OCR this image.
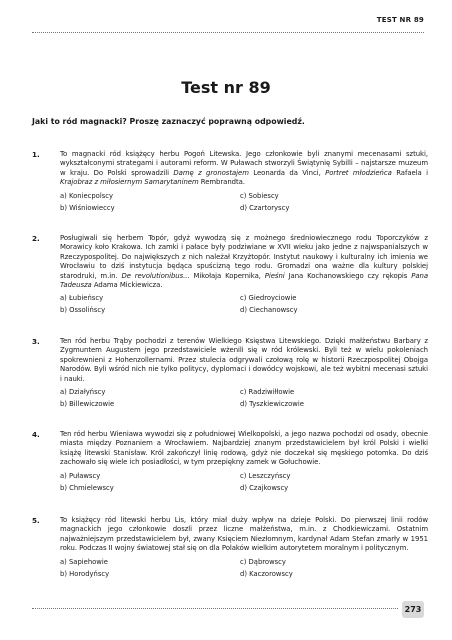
TEST NR 89
Test nr 89
Jaki to ród magnacki? Proszę zaznaczyć poprawną odpowiedź.
1.	To magnacki ród książęcy herbu Pogoń Litewska. Jego członkowie byli znanymi mecenasami sztuki, wykształconymi strategami i autorami reform. W Puławach stworzyli Świątynię Sybilli – najstarsze muzeum w kraju. Do Polski sprowadzili Damę z gronostajem Leonarda da Vinci, Portret młodzieńca Rafaela i Krajobraz z miłosiernym Samarytaninem Rembrandta.

a) Koniecpolscy	c) Sobiescy
b) Wiśniowieccy	d) Czartoryscy
2.	Posługiwali się herbem Topór, gdyż wywodzą się z możnego średniowiecznego rodu Toporczyków z Morawicy koło Krakowa. Ich zamki i pałace były podziwiane w XVII wieku jako jedne z najwspanialszych w Rzeczypospolitej. Do największych z nich należał Krzyżtopór. Instytut naukowy i kulturalny ich imienia we Wrocławiu to dziś instytucja będąca spuścizną tego rodu. Gromadzi ona ważne dla kultury polskiej starodruki, m.in. De revolutionibus... Mikołaja Kopernika, Pieśni Jana Kochanowskiego czy rękopis Pana Tadeusza Adama Mickiewicza.

a) Łubieńscy	c) Giedroyciowie
b) Ossolińscy	d) Ciechanowscy
3.	Ten ród herbu Trąby pochodzi z terenów Wielkiego Księstwa Litewskiego. Dzięki małżeństwu Barbary z Zygmuntem Augustem jego przedstawiciele wżenili się w ród królewski. Byli też w wielu pokoleniach spokrewnieni z Hohenzollernami. Przez stulecia odgrywali czołową rolę w historii Rzeczpospolitej Obojga Narodów. Byli wśród nich nie tylko politycy, dyplomaci i dowódcy wojskowi, ale też wybitni mecenasi sztuki i nauki.

a) Działyńscy	c) Radziwiłłowie
b) Billewiczowie	d) Tyszkiewiczowie
4.	Ten ród herbu Wieniawa wywodzi się z południowej Wielkopolski, a jego nazwa pochodzi od osady, obecnie miasta między Poznaniem a Wrocławiem. Najbardziej znanym przedstawicielem był król Polski i wielki książę litewski Stanisław. Król zakończył linię rodową, gdyż nie doczekał się męskiego potomka. Do dziś zachowało się wiele ich posiadłości, w tym przepiękny zamek w Gołuchowie.

a) Puławscy	c) Leszczyńscy
b) Chmielewscy	d) Czajkowscy
5.	To książęcy ród litewski herbu Lis, który miał duży wpływ na dzieje Polski. Do pierwszej linii rodów magnackich jego członkowie doszli przez liczne małżeństwa, m.in. z Chodkiewiczami. Ostatnim najważniejszym przedstawicielem był, zwany Księciem Niezłomnym, kardynał Adam Stefan zmarły w 1951 roku. Podczas II wojny światowej stał się on dla Polaków wielkim autorytetem moralnym i politycznym.

a) Sapiehowie	c) Dąbrowscy
b) Horodyńscy	d) Kaczorowscy
273
